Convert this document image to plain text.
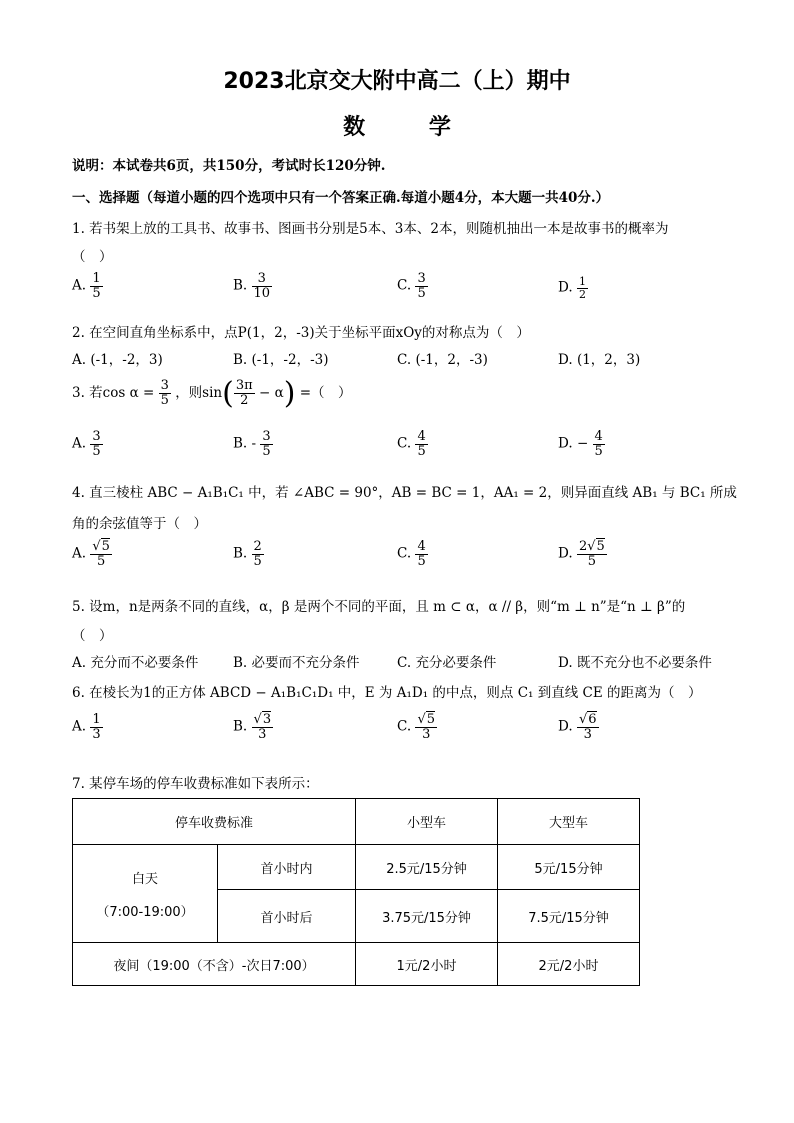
2023北京交大附中高二（上）期中
数 学
说明：本试卷共6页，共150分，考试时长120分钟.
一、选择题（每道小题的四个选项中只有一个答案正确.每道小题4分，本大题一共40分.）
1. 若书架上放的工具书、故事书、图画书分别是5本、3本、2本，则随机抽出一本是故事书的概率为
（　）
A. $\frac{1}{5}$	B. $\frac{3}{10}$	C. $\frac{3}{5}$	D. $\frac{1}{2}$
2. 在空间直角坐标系中，点P(1，2，-3)关于坐标平面xOy的对称点为（　）
A. (-1，-2，3)	B. (-1，-2，-3)	C. (-1，2，-3)	D. (1，2，3)
3. 若$\cos \alpha = \frac{3}{5}$ ，则$\sin( \frac{3\pi}{2} - \alpha)$ =（　）
A. $\frac{3}{5}$	B. - $\frac{3}{5}$	C. $\frac{4}{5}$	D. − $\frac{4}{5}$
4. 直三棱柱 ABC − A₁B₁C₁ 中，若 ∠ABC = 90°，AB = BC = 1，AA₁ = 2，则异面直线 AB₁ 与 BC₁ 所成
角的余弦值等于（　）
A. $\frac{√5}{5}$	B. $\frac{2}{5}$	C. $\frac{4}{5}$	D. $\frac{2√5}{5}$
5. 设m，n是两条不同的直线，α，β 是两个不同的平面，且 m ⊂ α，α // β，则“m ⊥ n”是“n ⊥ β”的
（　）
A. 充分而不必要条件	B. 必要而不充分条件	C. 充分必要条件	D. 既不充分也不必要条件
6. 在棱长为1的正方体 ABCD − A₁B₁C₁D₁ 中，E 为 A₁D₁ 的中点，则点 C₁ 到直线 CE 的距离为（　）
A. $\frac{1}{3}$	B. $\frac{√3}{3}$	C. $\frac{√5}{3}$	D. $\frac{√6}{3}$
7. 某停车场的停车收费标准如下表所示：
停车收费标准		小型车	大型车

白天
（7:00-19:00）	首小时内	2.5元/15分钟	5元/15分钟
	首小时后	3.75元/15分钟	7.5元/15分钟
夜间（19:00（不含）-次日7:00）		1元/2小时	2元/2小时
